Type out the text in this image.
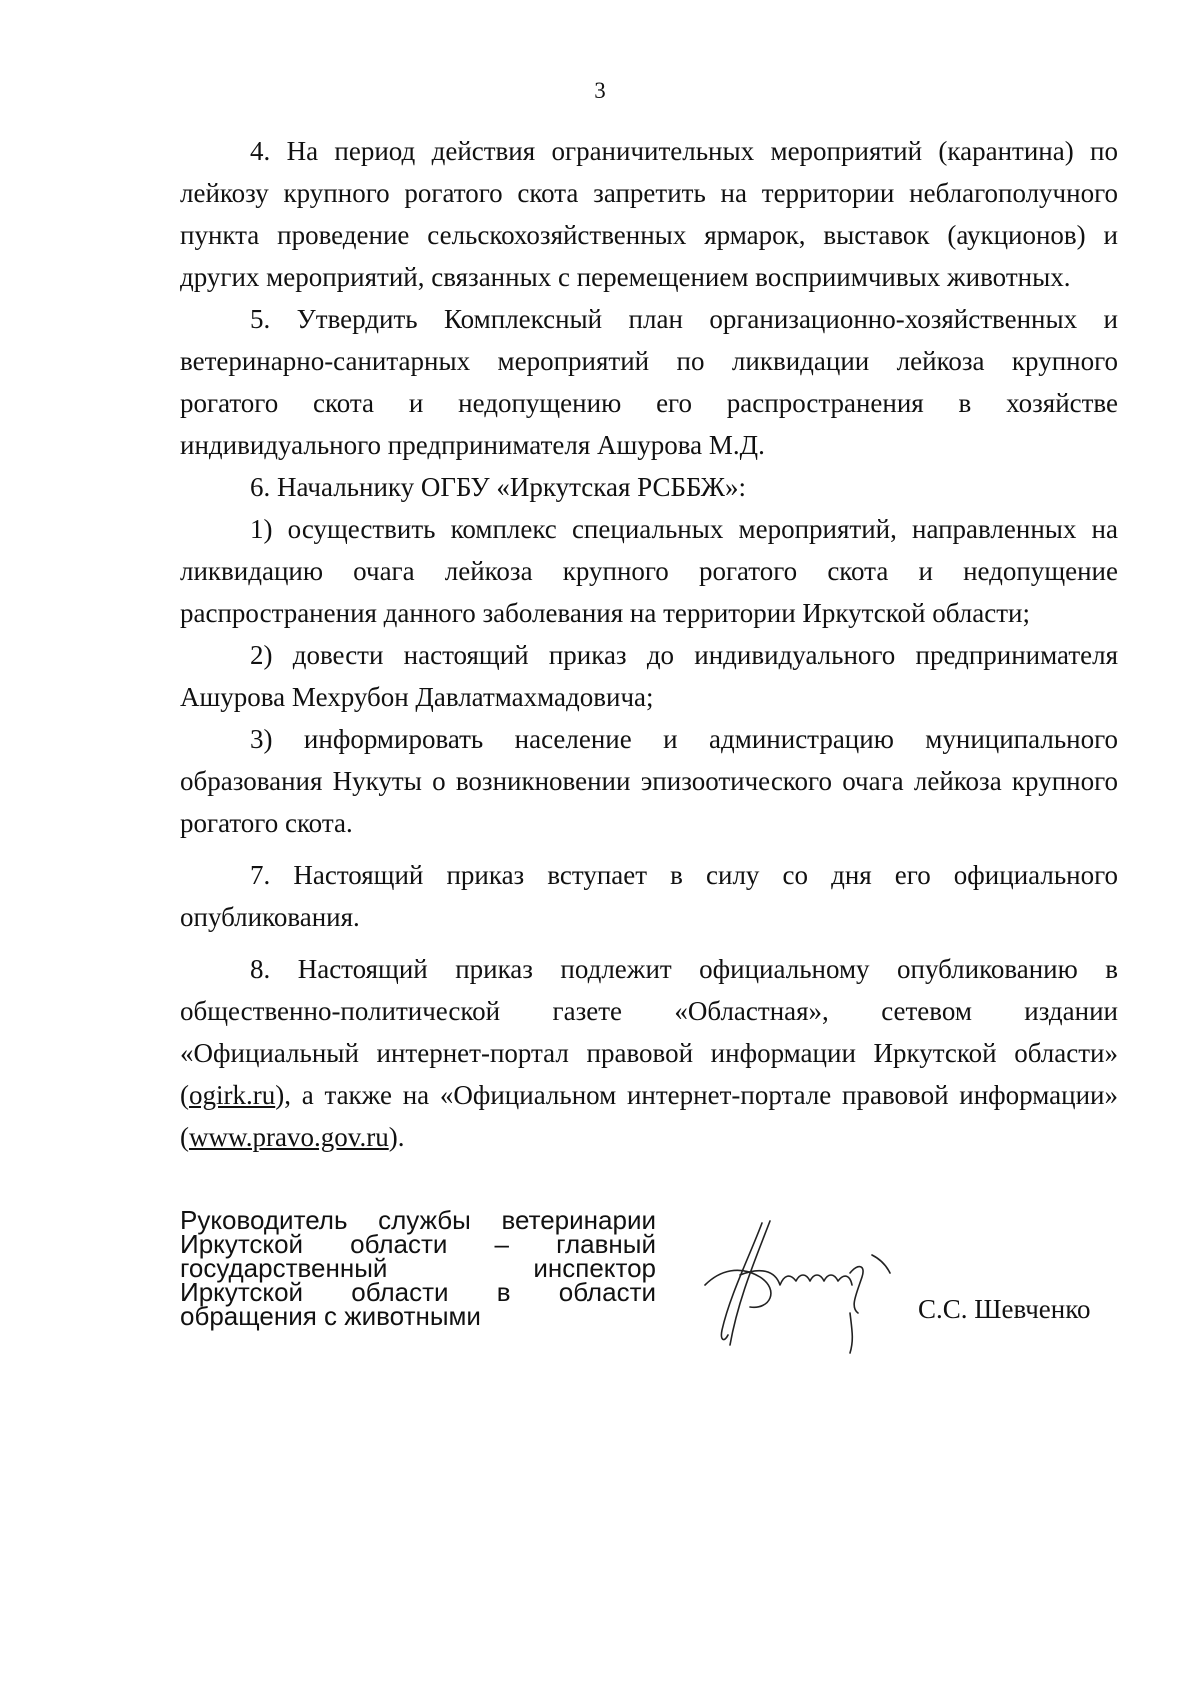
3

4. На период действия ограничительных мероприятий (карантина) по лейкозу крупного рогатого скота запретить на территории неблагополучного пункта проведение сельскохозяйственных ярмарок, выставок (аукционов) и других мероприятий, связанных с перемещением восприимчивых животных.

5. Утвердить Комплексный план организационно-хозяйственных и ветеринарно-санитарных мероприятий по ликвидации лейкоза крупного рогатого скота и недопущению его распространения в хозяйстве индивидуального предпринимателя Ашурова М.Д.

6. Начальнику ОГБУ «Иркутская РСББЖ»:

1) осуществить комплекс специальных мероприятий, направленных на ликвидацию очага лейкоза крупного рогатого скота и недопущение распространения данного заболевания на территории Иркутской области;

2) довести настоящий приказ до индивидуального предпринимателя Ашурова Мехрубон Давлатмахмадовича;

3) информировать население и администрацию муниципального образования Нукуты о возникновении эпизоотического очага лейкоза крупного рогатого скота.

7. Настоящий приказ вступает в силу со дня его официального опубликования.

8. Настоящий приказ подлежит официальному опубликованию в общественно-политической газете «Областная», сетевом издании «Официальный интернет-портал правовой информации Иркутской области» (ogirk.ru), а также на «Официальном интернет-портале правовой информации» (www.pravo.gov.ru).

Руководитель службы ветеринарии
Иркутской области – главный
государственный инспектор
Иркутской области в области
обращения с животными	С.С. Шевченко
